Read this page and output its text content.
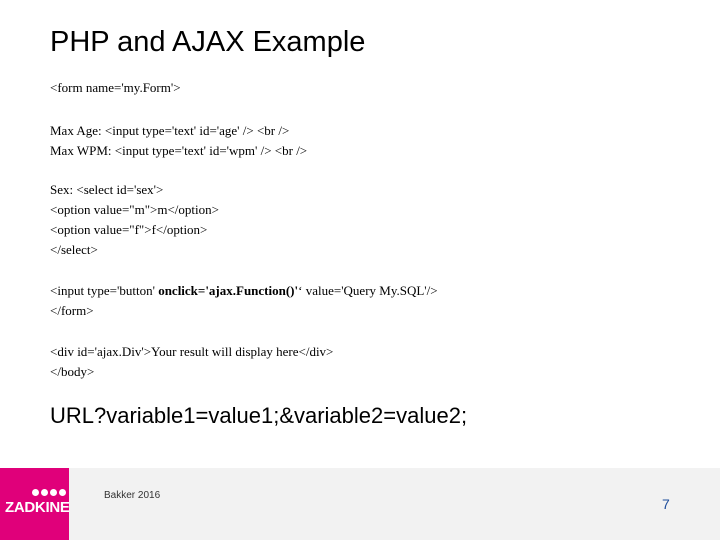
PHP and AJAX Example
<form name='my.Form'>
Max Age: <input type='text' id='age' /> <br />
Max WPM: <input type='text' id='wpm' /> <br />
Sex: <select id='sex'>
<option value="m">m</option>
<option value="f">f</option>
</select>
<input type='button' onclick='ajax.Function()'‘ value='Query My.SQL'/>
</form>
<div id='ajax.Div'>Your result will display here</div>
</body>
URL?variable1=value1;&variable2=value2;
ZADKINE
Bakker 2016
7
